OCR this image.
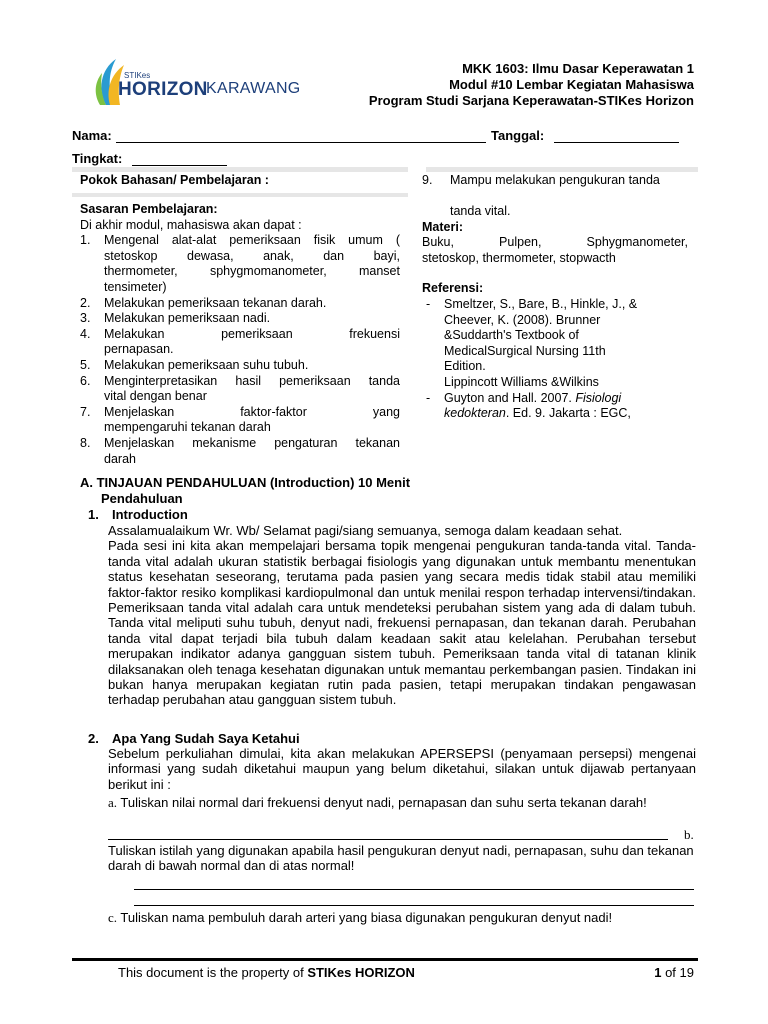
STIKes
HORIZON
KARAWANG
MKK 1603: Ilmu Dasar Keperawatan 1
Modul #10 Lembar Kegiatan Mahasiswa
Program Studi Sarjana Keperawatan-STIKes Horizon
Nama:	Tanggal:
Tingkat:
Pokok Bahasan/ Pembelajaran :
Sasaran Pembelajaran:
Di akhir modul, mahasiswa akan dapat :
1. Mengenal alat-alat pemeriksaan fisik umum (
stetoskop dewasa, anak, dan bayi,
thermometer, sphygmomanometer, manset
tensimeter)
2. Melakukan pemeriksaan tekanan darah.
3. Melakukan pemeriksaan nadi.
4. Melakukan pemeriksaan frekuensi
pernapasan.
5. Melakukan pemeriksaan suhu tubuh.
6. Menginterpretasikan hasil pemeriksaan tanda
vital dengan benar
7. Menjelaskan faktor-faktor yang
mempengaruhi tekanan darah
8. Menjelaskan mekanisme pengaturan tekanan
darah
9. Mampu melakukan pengukuran tanda
tanda vital.
Materi:
Buku, Pulpen, Sphygmanometer,
stetoskop, thermometer, stopwacth
Referensi:
- Smeltzer, S., Bare, B., Hinkle, J., &
Cheever, K. (2008). Brunner
&Suddarth's Textbook of
MedicalSurgical Nursing 11th
Edition.
Lippincott Williams &Wilkins
- Guyton and Hall. 2007. Fisiologi
kedokteran. Ed. 9. Jakarta : EGC,
A. TINJAUAN PENDAHULUAN (Introduction) 10 Menit
Pendahuluan
1. Introduction
Assalamualaikum Wr. Wb/ Selamat pagi/siang semuanya, semoga dalam keadaan sehat.
Pada sesi ini kita akan mempelajari bersama topik mengenai pengukuran tanda-tanda vital. Tanda-tanda vital adalah ukuran statistik berbagai fisiologis yang digunakan untuk membantu menentukan status kesehatan seseorang, terutama pada pasien yang secara medis tidak stabil atau memiliki faktor-faktor resiko komplikasi kardiopulmonal dan untuk menilai respon terhadap intervensi/tindakan. Pemeriksaan tanda vital adalah cara untuk mendeteksi perubahan sistem yang ada di dalam tubuh. Tanda vital meliputi suhu tubuh, denyut nadi, frekuensi pernapasan, dan tekanan darah. Perubahan tanda vital dapat terjadi bila tubuh dalam keadaan sakit atau kelelahan. Perubahan tersebut merupakan indikator adanya gangguan sistem tubuh. Pemeriksaan tanda vital di tatanan klinik dilaksanakan oleh tenaga kesehatan digunakan untuk memantau perkembangan pasien. Tindakan ini bukan hanya merupakan kegiatan rutin pada pasien, tetapi merupakan tindakan pengawasan terhadap perubahan atau gangguan sistem tubuh.
2. Apa Yang Sudah Saya Ketahui
Sebelum perkuliahan dimulai, kita akan melakukan APERSEPSI (penyamaan persepsi) mengenai informasi yang sudah diketahui maupun yang belum diketahui, silakan untuk dijawab pertanyaan berikut ini :
a. Tuliskan nilai normal dari frekuensi denyut nadi, pernapasan dan suhu serta tekanan darah!
b.
Tuliskan istilah yang digunakan apabila hasil pengukuran denyut nadi, pernapasan, suhu dan tekanan darah di bawah normal dan di atas normal!
c. Tuliskan nama pembuluh darah arteri yang biasa digunakan pengukuran denyut nadi!
This document is the property of STIKes HORIZON	1 of 19
